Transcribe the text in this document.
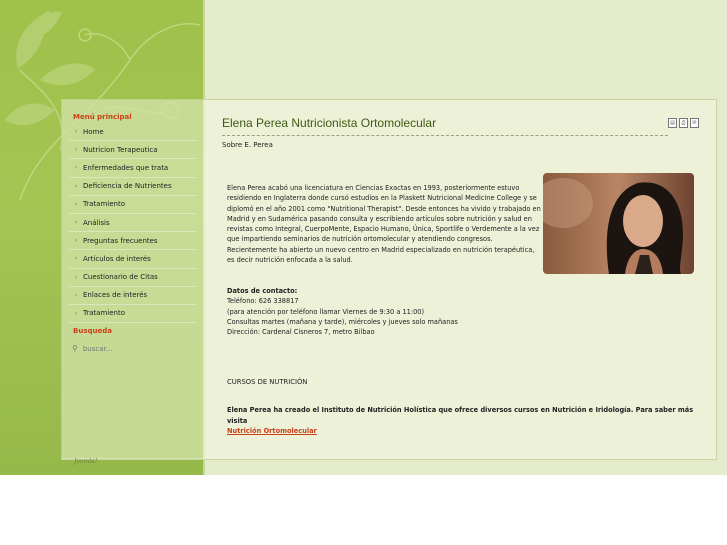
Menú principal
› Home
› Nutricion Terapeutica
› Enfermedades que trata
› Deficiencia de Nutrientes
› Tratamiento
› Análisis
› Preguntas frecuentes
› Artículos de interés
› Cuestionario de Citas
› Enlaces de interés
› Tratamiento
Busqueda
⚲
buscar...
Joomla!
Elena Perea Nutricionista Ortomolecular	▤	⎙	✉
Sobre E. Perea

Elena Perea acabó una licenciatura en Ciencias Exactas en 1993, posteriormente estuvo residiendo en Inglaterra donde cursó estudios en la Plaskett Nutricional Medicine College y se diplomó en el año 2001 como "Nutritional Therapist". Desde entonces ha vivido y trabajado en Madrid y en Sudamérica pasando consulta y escribiendo artículos sobre nutrición y salud en revistas como Integral, CuerpoMente, Espacio Humano, Única, Sportlife o Verdemente a la vez que impartiendo seminarios de nutrición ortomolecular y atendiendo congresos. Recientemente ha abierto un nuevo centro en Madrid especializado en nutrición terapéutica, es decir nutrición enfocada a la salud.

Datos de contacto:
Teléfono: 626 338817
(para atención por teléfono llamar Viernes de 9:30 a 11:00)
Consultas martes (mañana y tarde), miércoles y jueves solo mañanas
Dirección: Cardenal Cisneros 7, metro Bilbao
CURSOS DE NUTRICIÓN
Elena Perea ha creado el Instituto de Nutrición Holística que ofrece diversos cursos en Nutrición e Iridología. Para saber más visita
Nutrición Ortomolecular
